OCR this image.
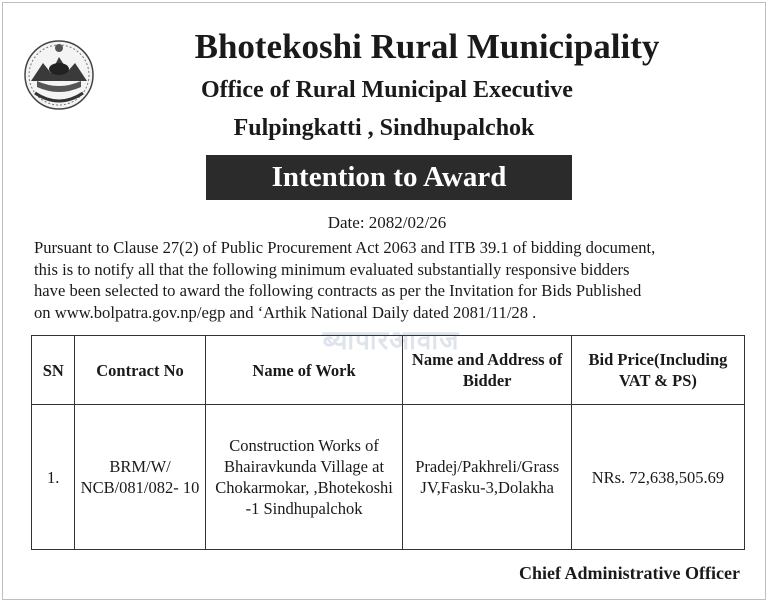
Bhotekoshi Rural Municipality
Office of Rural Municipal Executive
Fulpingkatti , Sindhupalchok
Intention to Award
Date: 2082/02/26
Pursuant to Clause 27(2) of Public Procurement Act 2063 and ITB 39.1 of bidding document,
this is to notify all that the following minimum evaluated substantially responsive bidders
have been selected to award the following contracts as per the Invitation for Bids Published
on www.bolpatra.gov.np/egp and ‘Arthik National Daily dated 2081/11/28 .
ब्यापारआवाज
SN	Contract No	Name of Work	Name and Address of Bidder	Bid Price(Including VAT & PS)
1.	BRM/W/ NCB/081/082- 10	Construction Works of Bhairavkunda Village at Chokarmokar, ,Bhotekoshi -1 Sindhupalchok	Pradej/Pakhreli/Grass JV,Fasku-3,Dolakha	NRs. 72,638,505.69
Chief Administrative Officer
